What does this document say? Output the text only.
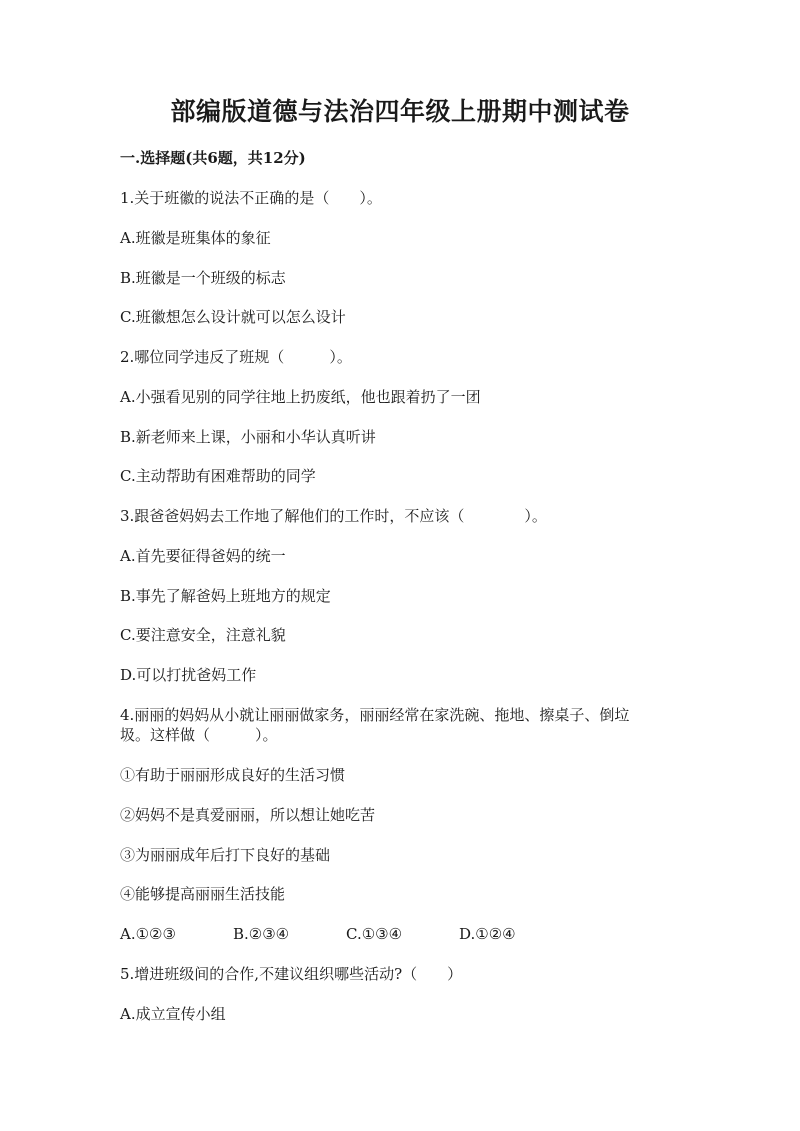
部编版道德与法治四年级上册期中测试卷
一.选择题(共6题，共12分)
1.关于班徽的说法不正确的是（　　）。
A.班徽是班集体的象征
B.班徽是一个班级的标志
C.班徽想怎么设计就可以怎么设计
2.哪位同学违反了班规（　　　）。
A.小强看见别的同学往地上扔废纸，他也跟着扔了一团
B.新老师来上课，小丽和小华认真听讲
C.主动帮助有困难帮助的同学
3.跟爸爸妈妈去工作地了解他们的工作时，不应该（　　　　）。
A.首先要征得爸妈的统一
B.事先了解爸妈上班地方的规定
C.要注意安全，注意礼貌
D.可以打扰爸妈工作
4.丽丽的妈妈从小就让丽丽做家务，丽丽经常在家洗碗、拖地、擦桌子、倒垃
圾。这样做（　　　）。
①有助于丽丽形成良好的生活习惯
②妈妈不是真爱丽丽，所以想让她吃苦
③为丽丽成年后打下良好的基础
④能够提高丽丽生活技能
A.①②③	B.②③④	C.①③④	D.①②④
5.增进班级间的合作,不建议组织哪些活动?（　　）
A.成立宣传小组
